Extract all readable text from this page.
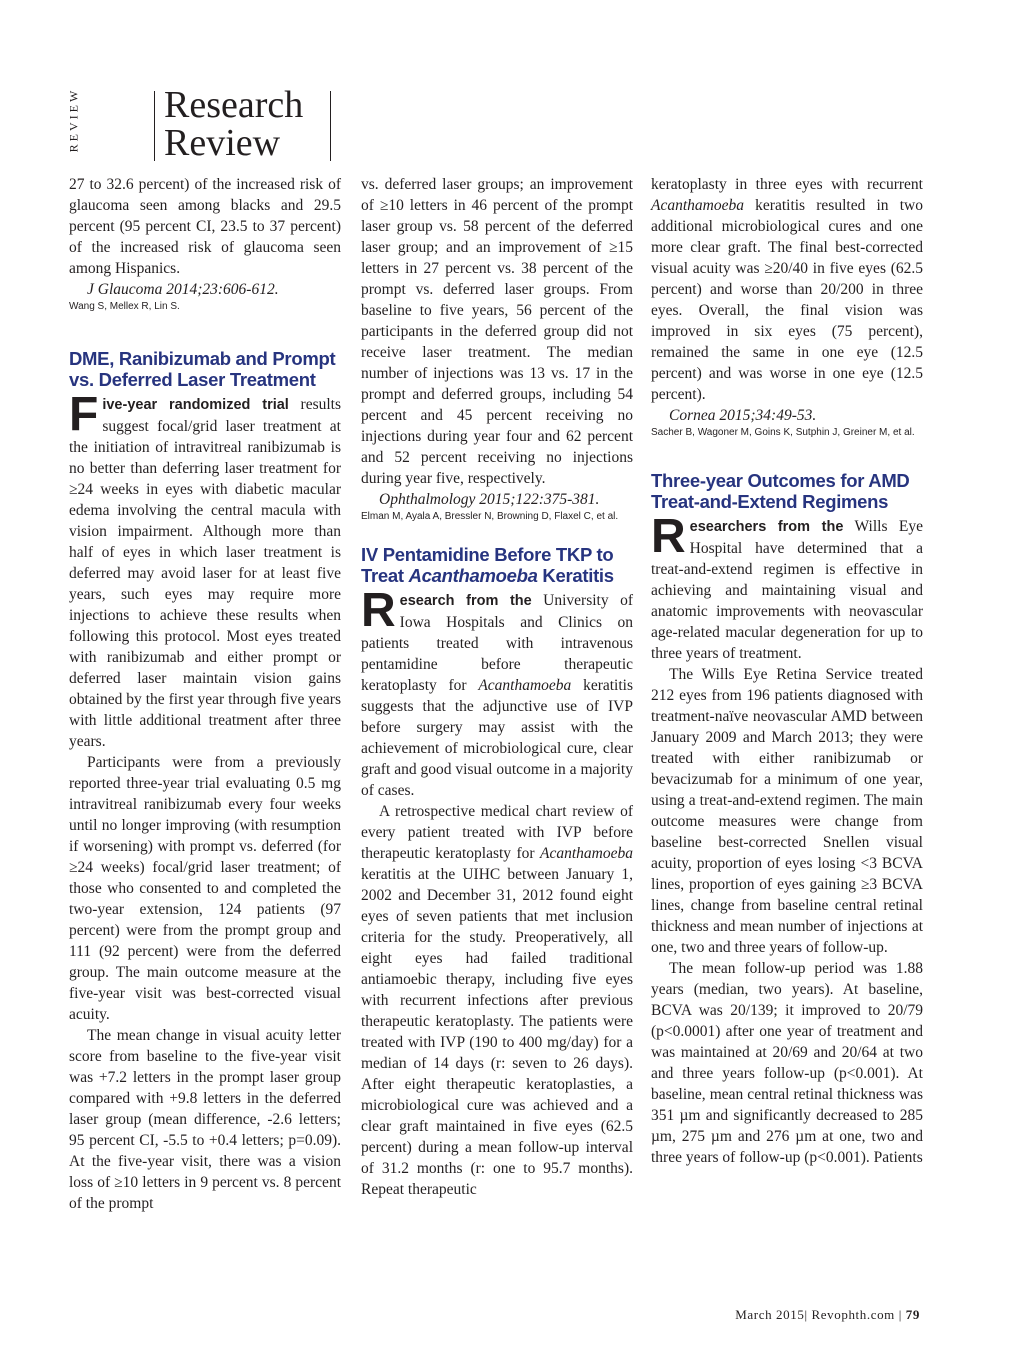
REVIEW Research
Review

27 to 32.6 percent) of the increased risk of glaucoma seen among blacks and 29.5 percent (95 percent CI, 23.5 to 37 percent) of the increased risk of glaucoma seen among Hispanics.

J Glaucoma 2014;23:606-612.

Wang S, Mellex R, Lin S.

DME, Ranibizumab and Prompt vs. Deferred Laser Treatment

Five-year randomized trial results suggest focal/grid laser treatment at the initiation of intravitreal ranibizumab is no better than deferring laser treatment for ≥24 weeks in eyes with diabetic macular edema involving the central macula with vision impairment. Although more than half of eyes in which laser treatment is deferred may avoid laser for at least five years, such eyes may require more injections to achieve these results when following this protocol. Most eyes treated with ranibizumab and either prompt or deferred laser maintain vision gains obtained by the first year through five years with little additional treatment after three years.

Participants were from a previously reported three-year trial evaluating 0.5 mg intravitreal ranibizumab every four weeks until no longer improving (with resumption if worsening) with prompt vs. deferred (for ≥24 weeks) focal/grid laser treatment; of those who consented to and completed the two-year extension, 124 patients (97 percent) were from the prompt group and 111 (92 percent) were from the deferred group. The main outcome measure at the five-year visit was best-corrected visual acuity.

The mean change in visual acuity letter score from baseline to the five-year visit was +7.2 letters in the prompt laser group compared with +9.8 letters in the deferred laser group (mean difference, -2.6 letters; 95 percent CI, -5.5 to +0.4 letters; p=0.09). At the five-year visit, there was a vision loss of ≥10 letters in 9 percent vs. 8 percent of the prompt

vs. deferred laser groups; an improvement of ≥10 letters in 46 percent of the prompt laser group vs. 58 percent of the deferred laser group; and an improvement of ≥15 letters in 27 percent vs. 38 percent of the prompt vs. deferred laser groups. From baseline to five years, 56 percent of the participants in the deferred group did not receive laser treatment. The median number of injections was 13 vs. 17 in the prompt and deferred groups, including 54 percent and 45 percent receiving no injections during year four and 62 percent and 52 percent receiving no injections during year five, respectively.

Ophthalmology 2015;122:375-381.

Elman M, Ayala A, Bressler N, Browning D, Flaxel C, et al.

IV Pentamidine Before TKP to Treat Acanthamoeba Keratitis

Research from the University of Iowa Hospitals and Clinics on patients treated with intravenous pentamidine before therapeutic keratoplasty for Acanthamoeba keratitis suggests that the adjunctive use of IVP before surgery may assist with the achievement of microbiological cure, clear graft and good visual outcome in a majority of cases.

A retrospective medical chart review of every patient treated with IVP before therapeutic keratoplasty for Acanthamoeba keratitis at the UIHC between January 1, 2002 and December 31, 2012 found eight eyes of seven patients that met inclusion criteria for the study. Preoperatively, all eight eyes had failed traditional antiamoebic therapy, including five eyes with recurrent infections after previous therapeutic keratoplasty. The patients were treated with IVP (190 to 400 mg/day) for a median of 14 days (r: seven to 26 days). After eight therapeutic keratoplasties, a microbiological cure was achieved and a clear graft maintained in five eyes (62.5 percent) during a mean follow-up interval of 31.2 months (r: one to 95.7 months). Repeat therapeutic

keratoplasty in three eyes with recurrent Acanthamoeba keratitis resulted in two additional microbiological cures and one more clear graft. The final best-corrected visual acuity was ≥20/40 in five eyes (62.5 percent) and worse than 20/200 in three eyes. Overall, the final vision was improved in six eyes (75 percent), remained the same in one eye (12.5 percent) and was worse in one eye (12.5 percent).

Cornea 2015;34:49-53.

Sacher B, Wagoner M, Goins K, Sutphin J, Greiner M, et al.

Three-year Outcomes for AMD Treat-and-Extend Regimens

Researchers from the Wills Eye Hospital have determined that a treat-and-extend regimen is effective in achieving and maintaining visual and anatomic improvements with neovascular age-related macular degeneration for up to three years of treatment.

The Wills Eye Retina Service treated 212 eyes from 196 patients diagnosed with treatment-naïve neovascular AMD between January 2009 and March 2013; they were treated with either ranibizumab or bevacizumab for a minimum of one year, using a treat-and-extend regimen. The main outcome measures were change from baseline best-corrected Snellen visual acuity, proportion of eyes losing <3 BCVA lines, proportion of eyes gaining ≥3 BCVA lines, change from baseline central retinal thickness and mean number of injections at one, two and three years of follow-up.

The mean follow-up period was 1.88 years (median, two years). At baseline, BCVA was 20/139; it improved to 20/79 (p<0.0001) after one year of treatment and was maintained at 20/69 and 20/64 at two and three years follow-up (p<0.001). At baseline, mean central retinal thickness was 351 µm and significantly decreased to 285 µm, 275 µm and 276 µm at one, two and three years of follow-up (p<0.001). Patients

March 2015| Revophth.com | 79
